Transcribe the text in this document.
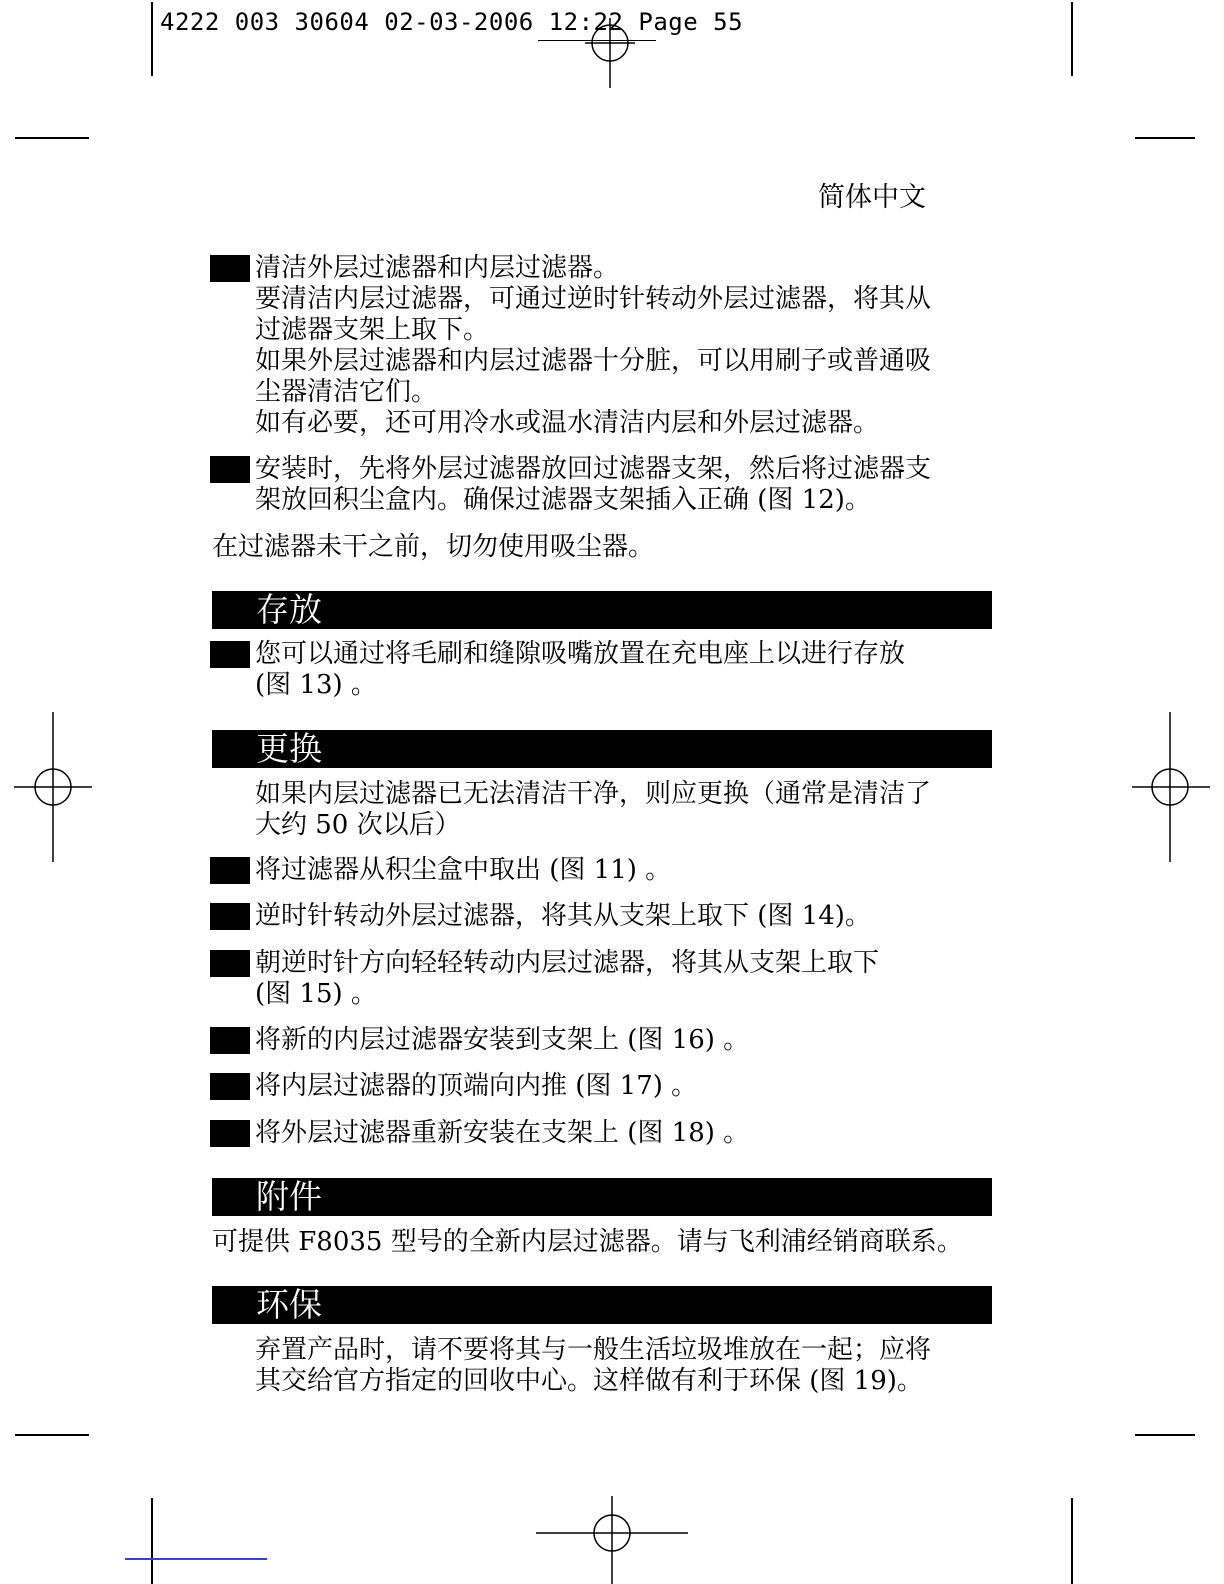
4222 003 30604 02-03-2006 12:22 Page 55
简体中文
清洁外层过滤器和内层过滤器。
要清洁内层过滤器，可通过逆时针转动外层过滤器，将其从
过滤器支架上取下。
如果外层过滤器和内层过滤器十分脏，可以用刷子或普通吸
尘器清洁它们。
如有必要，还可用冷水或温水清洁内层和外层过滤器。
安装时，先将外层过滤器放回过滤器支架，然后将过滤器支
架放回积尘盒内。确保过滤器支架插入正确 (图 12)。
在过滤器未干之前，切勿使用吸尘器。
存放
您可以通过将毛刷和缝隙吸嘴放置在充电座上以进行存放
(图 13) 。
更换
如果内层过滤器已无法清洁干净，则应更换（通常是清洁了
大约 50 次以后）
将过滤器从积尘盒中取出 (图 11) 。
逆时针转动外层过滤器，将其从支架上取下 (图 14)。
朝逆时针方向轻轻转动内层过滤器，将其从支架上取下
(图 15) 。
将新的内层过滤器安装到支架上 (图 16) 。
将内层过滤器的顶端向内推 (图 17) 。
将外层过滤器重新安装在支架上 (图 18) 。
附件
可提供 F8035 型号的全新内层过滤器。请与飞利浦经销商联系。
环保
弃置产品时，请不要将其与一般生活垃圾堆放在一起；应将
其交给官方指定的回收中心。这样做有利于环保 (图 19)。
